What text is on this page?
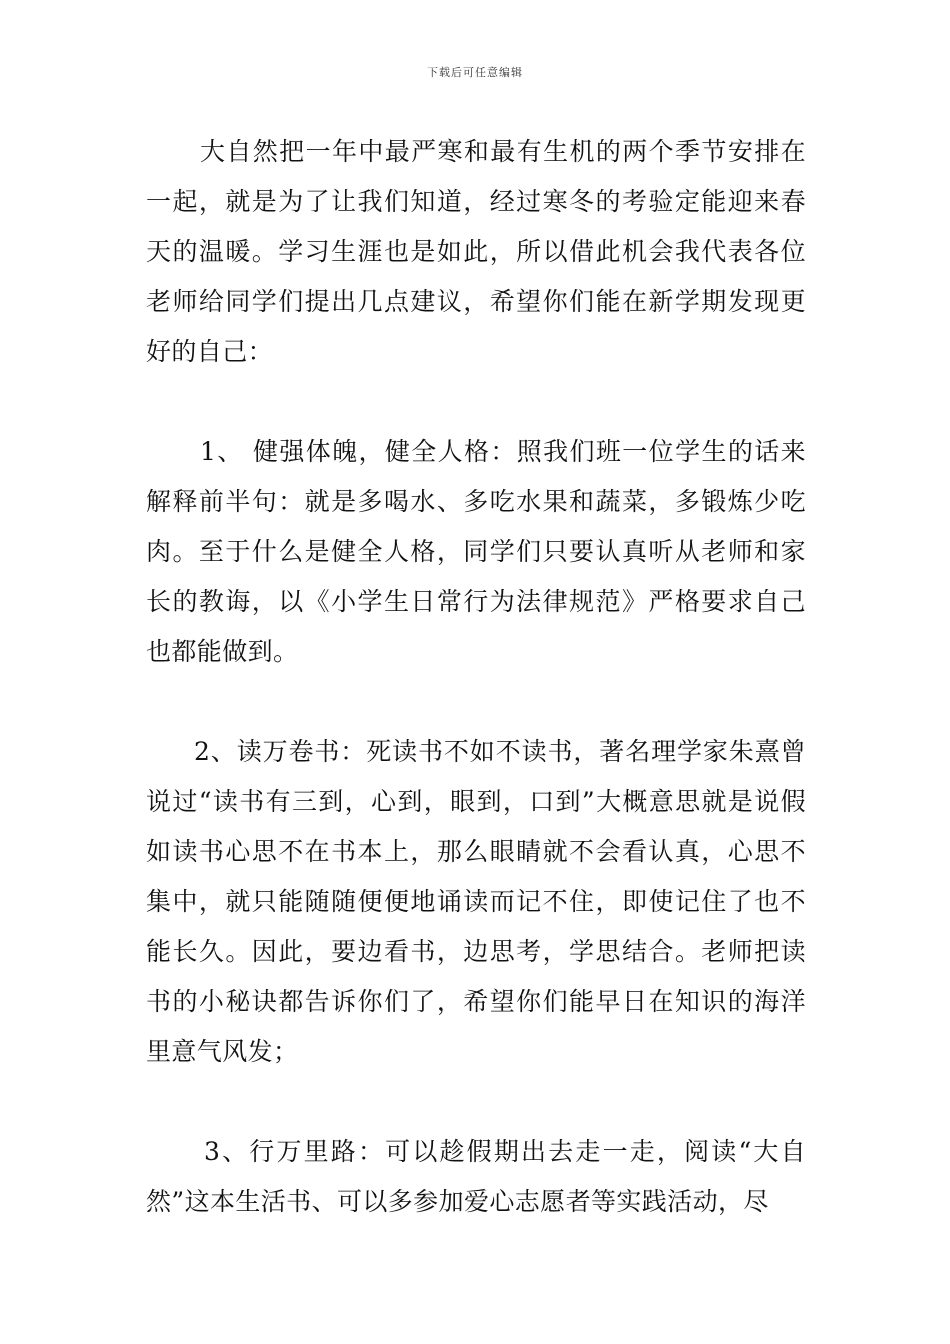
下载后可任意编辑

大自然把一年中最严寒和最有生机的两个季节安排在一起，就是为了让我们知道，经过寒冬的考验定能迎来春天的温暖。学习生涯也是如此，所以借此机会我代表各位老师给同学们提出几点建议，希望你们能在新学期发现更好的自己：

1、 健强体魄，健全人格：照我们班一位学生的话来解释前半句：就是多喝水、多吃水果和蔬菜，多锻炼少吃肉。至于什么是健全人格，同学们只要认真听从老师和家长的教诲，以《小学生日常行为法律规范》严格要求自己也都能做到。

2、读万卷书：死读书不如不读书，著名理学家朱熹曾说过“读书有三到，心到，眼到，口到”大概意思就是说假如读书心思不在书本上，那么眼睛就不会看认真，心思不集中，就只能随随便便地诵读而记不住，即使记住了也不能长久。因此，要边看书，边思考，学思结合。老师把读书的小秘诀都告诉你们了，希望你们能早日在知识的海洋里意气风发；

3、行万里路：可以趁假期出去走一走，阅读“大自然”这本生活书、可以多参加爱心志愿者等实践活动，尽
